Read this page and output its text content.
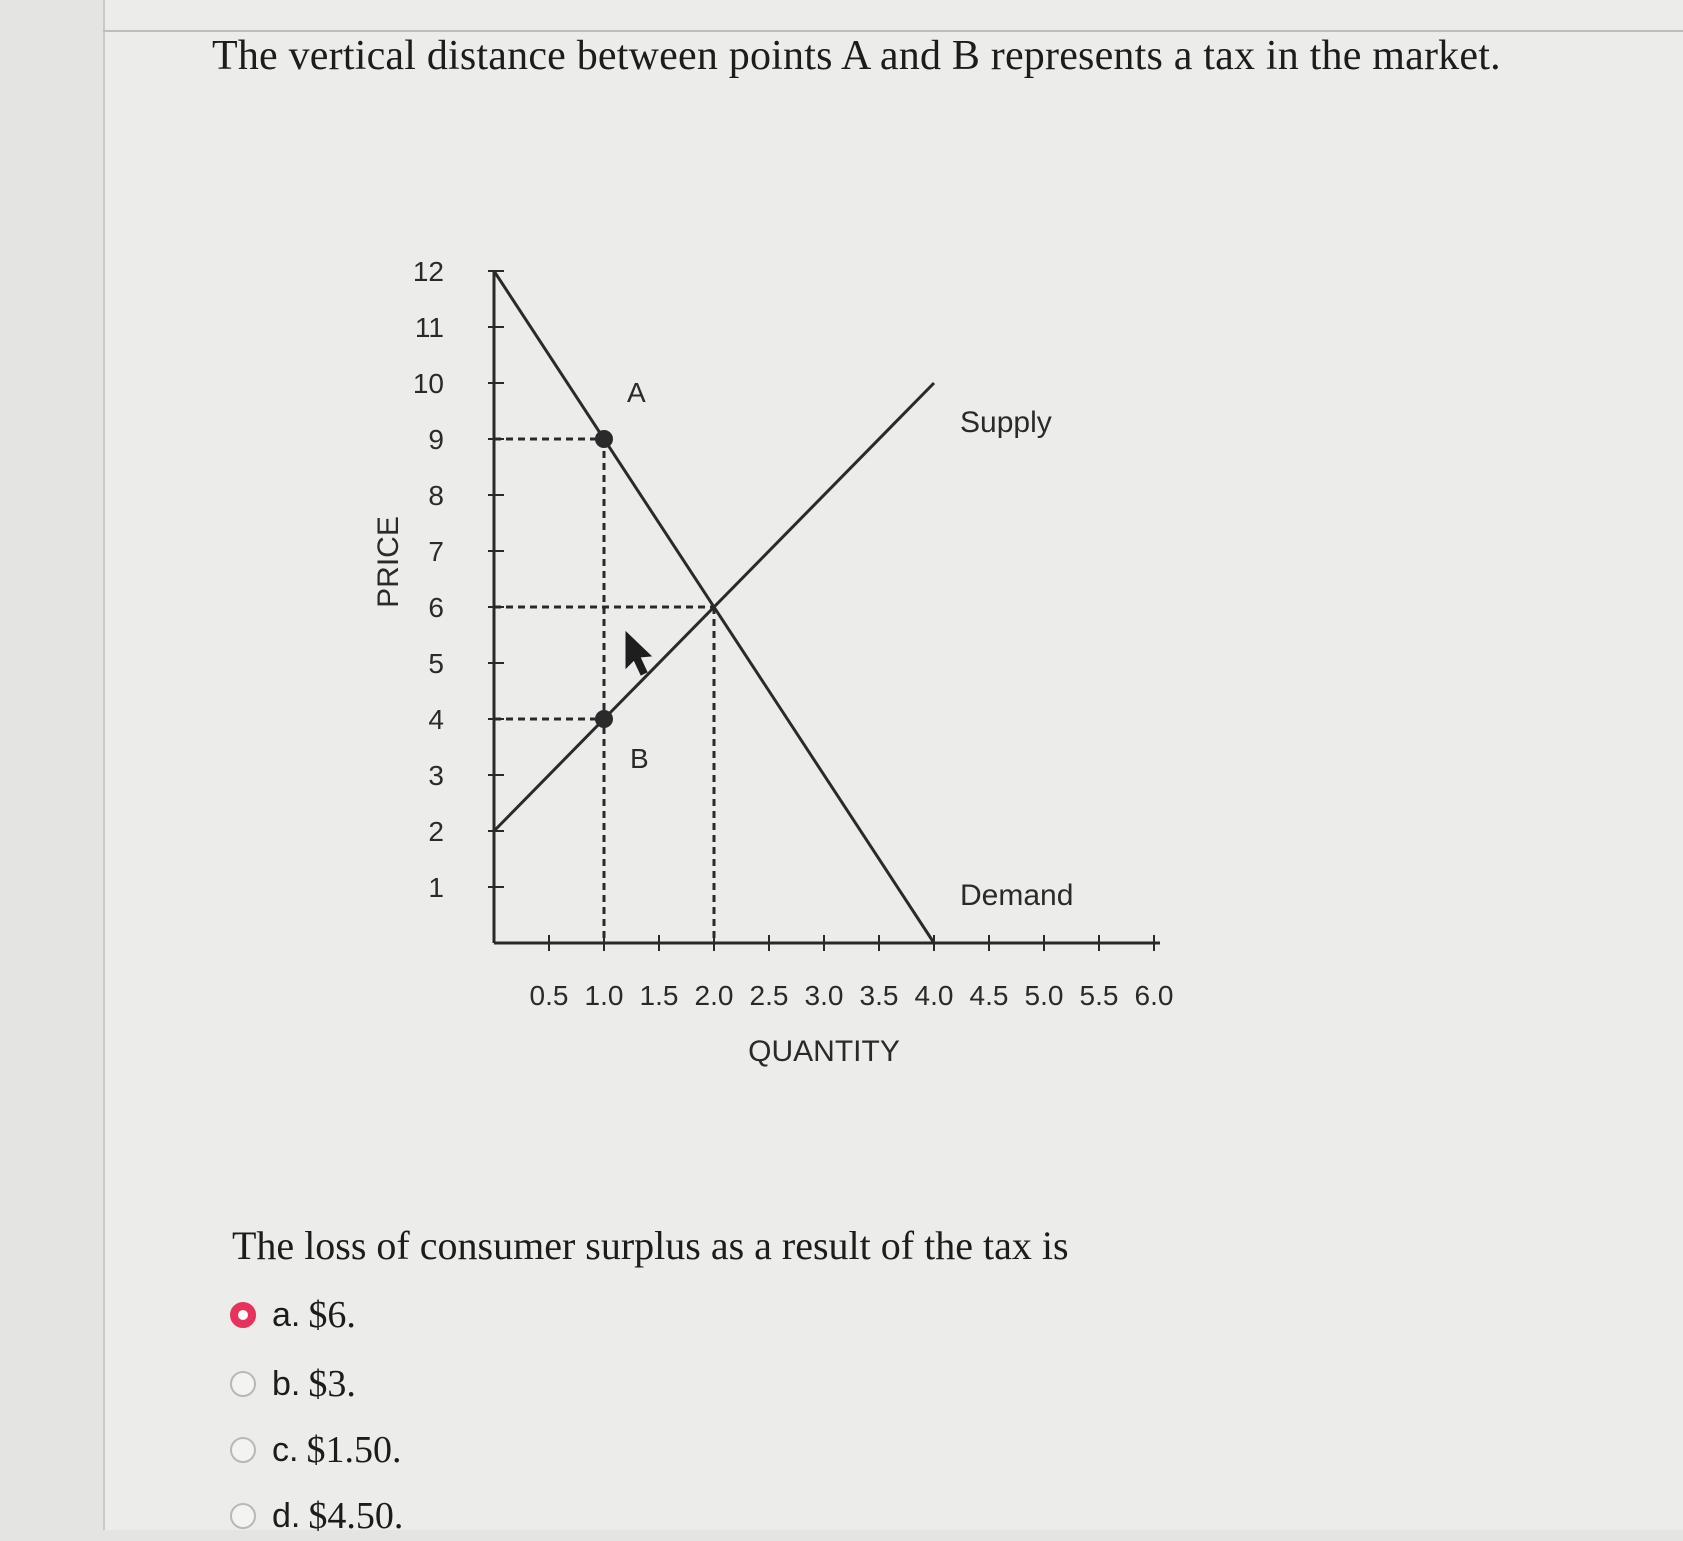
The vertical distance between points A and B represents a tax in the market.
1
2
3
4
5
6
7
8
9
10
11
12
0.5 1.0 1.5 2.0 2.5 3.0 3.5 4.0 4.5 5.0 5.5 6.0
Supply
Demand
A
B
QUANTITY
PRICE
The loss of consumer surplus as a result of the tax is
a. $6.
b. $3.
c. $1.50.
d. $4.50.
